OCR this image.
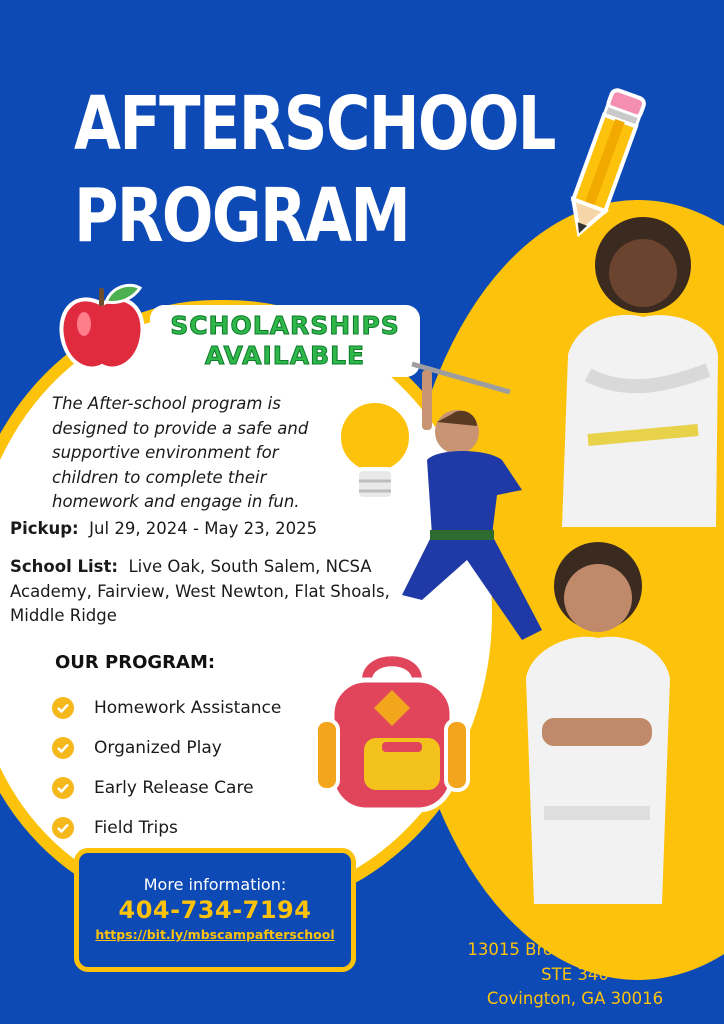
AFTERSCHOOL
PROGRAM
SCHOLARSHIPS
AVAILABLE
The After-school program is designed to provide a safe and supportive environment for children to complete their homework and engage in fun.
Pickup: Jul 29, 2024 - May 23, 2025
School List: Live Oak, South Salem, NCSA Academy, Fairview, West Newton, Flat Shoals, Middle Ridge
OUR PROGRAM:
Homework Assistance
Organized Play
Early Release Care
Field Trips
More information:
404-734-7194
https://bit.ly/mbscampafterschool
13015 Brown Bridge Road
STE 340
Covington, GA 30016
